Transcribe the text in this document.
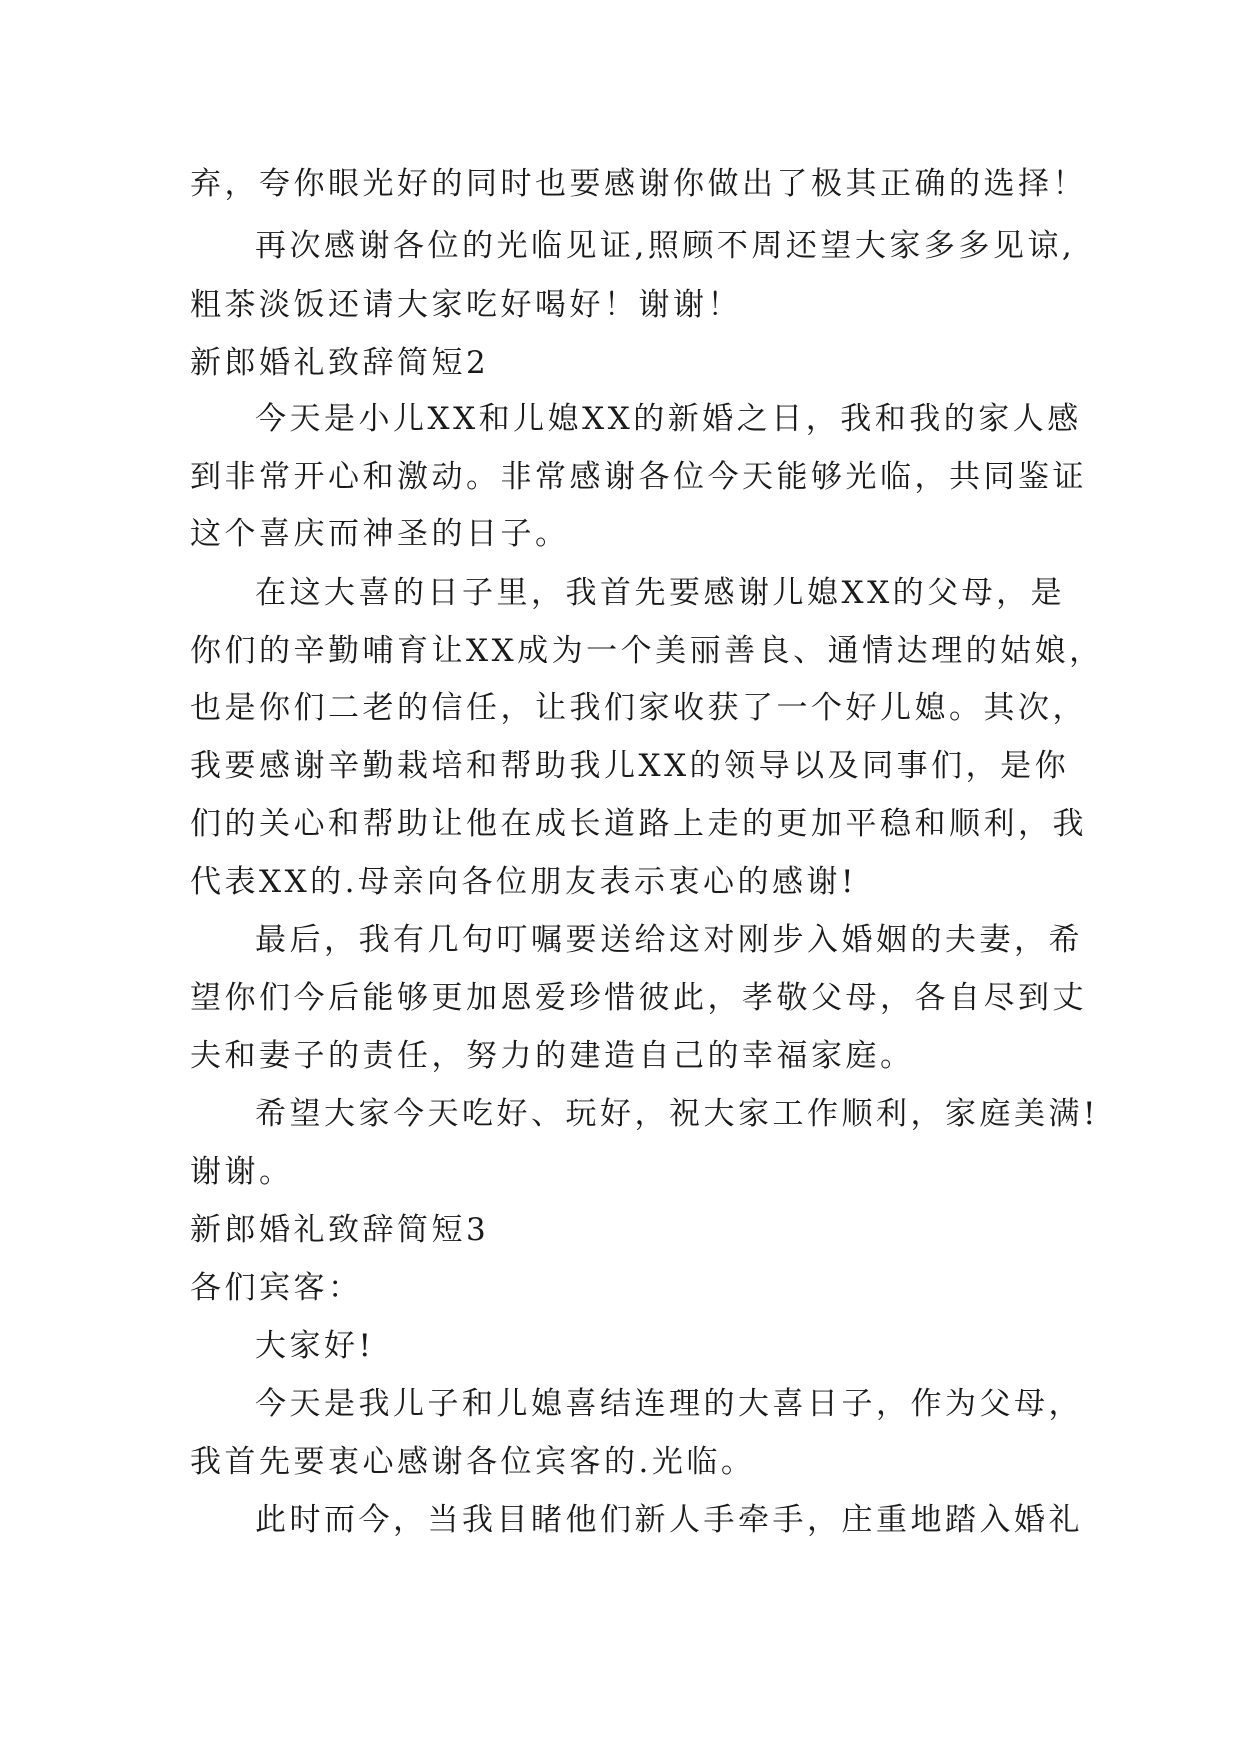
弃，夸你眼光好的同时也要感谢你做出了极其正确的选择！
再次感谢各位的光临见证,照顾不周还望大家多多见谅,
粗茶淡饭还请大家吃好喝好！谢谢！
新郎婚礼致辞简短2
今天是小儿XX和儿媳XX的新婚之日，我和我的家人感
到非常开心和激动。非常感谢各位今天能够光临，共同鉴证
这个喜庆而神圣的日子。
在这大喜的日子里，我首先要感谢儿媳XX的父母，是
你们的辛勤哺育让XX成为一个美丽善良、通情达理的姑娘，
也是你们二老的信任，让我们家收获了一个好儿媳。其次，
我要感谢辛勤栽培和帮助我儿XX的领导以及同事们，是你
们的关心和帮助让他在成长道路上走的更加平稳和顺利，我
代表XX的.母亲向各位朋友表示衷心的感谢!
最后，我有几句叮嘱要送给这对刚步入婚姻的夫妻，希
望你们今后能够更加恩爱珍惜彼此，孝敬父母，各自尽到丈
夫和妻子的责任，努力的建造自己的幸福家庭。
希望大家今天吃好、玩好，祝大家工作顺利，家庭美满!
谢谢。
新郎婚礼致辞简短3
各们宾客：
大家好!
今天是我儿子和儿媳喜结连理的大喜日子，作为父母，
我首先要衷心感谢各位宾客的.光临。
此时而今，当我目睹他们新人手牵手，庄重地踏入婚礼
